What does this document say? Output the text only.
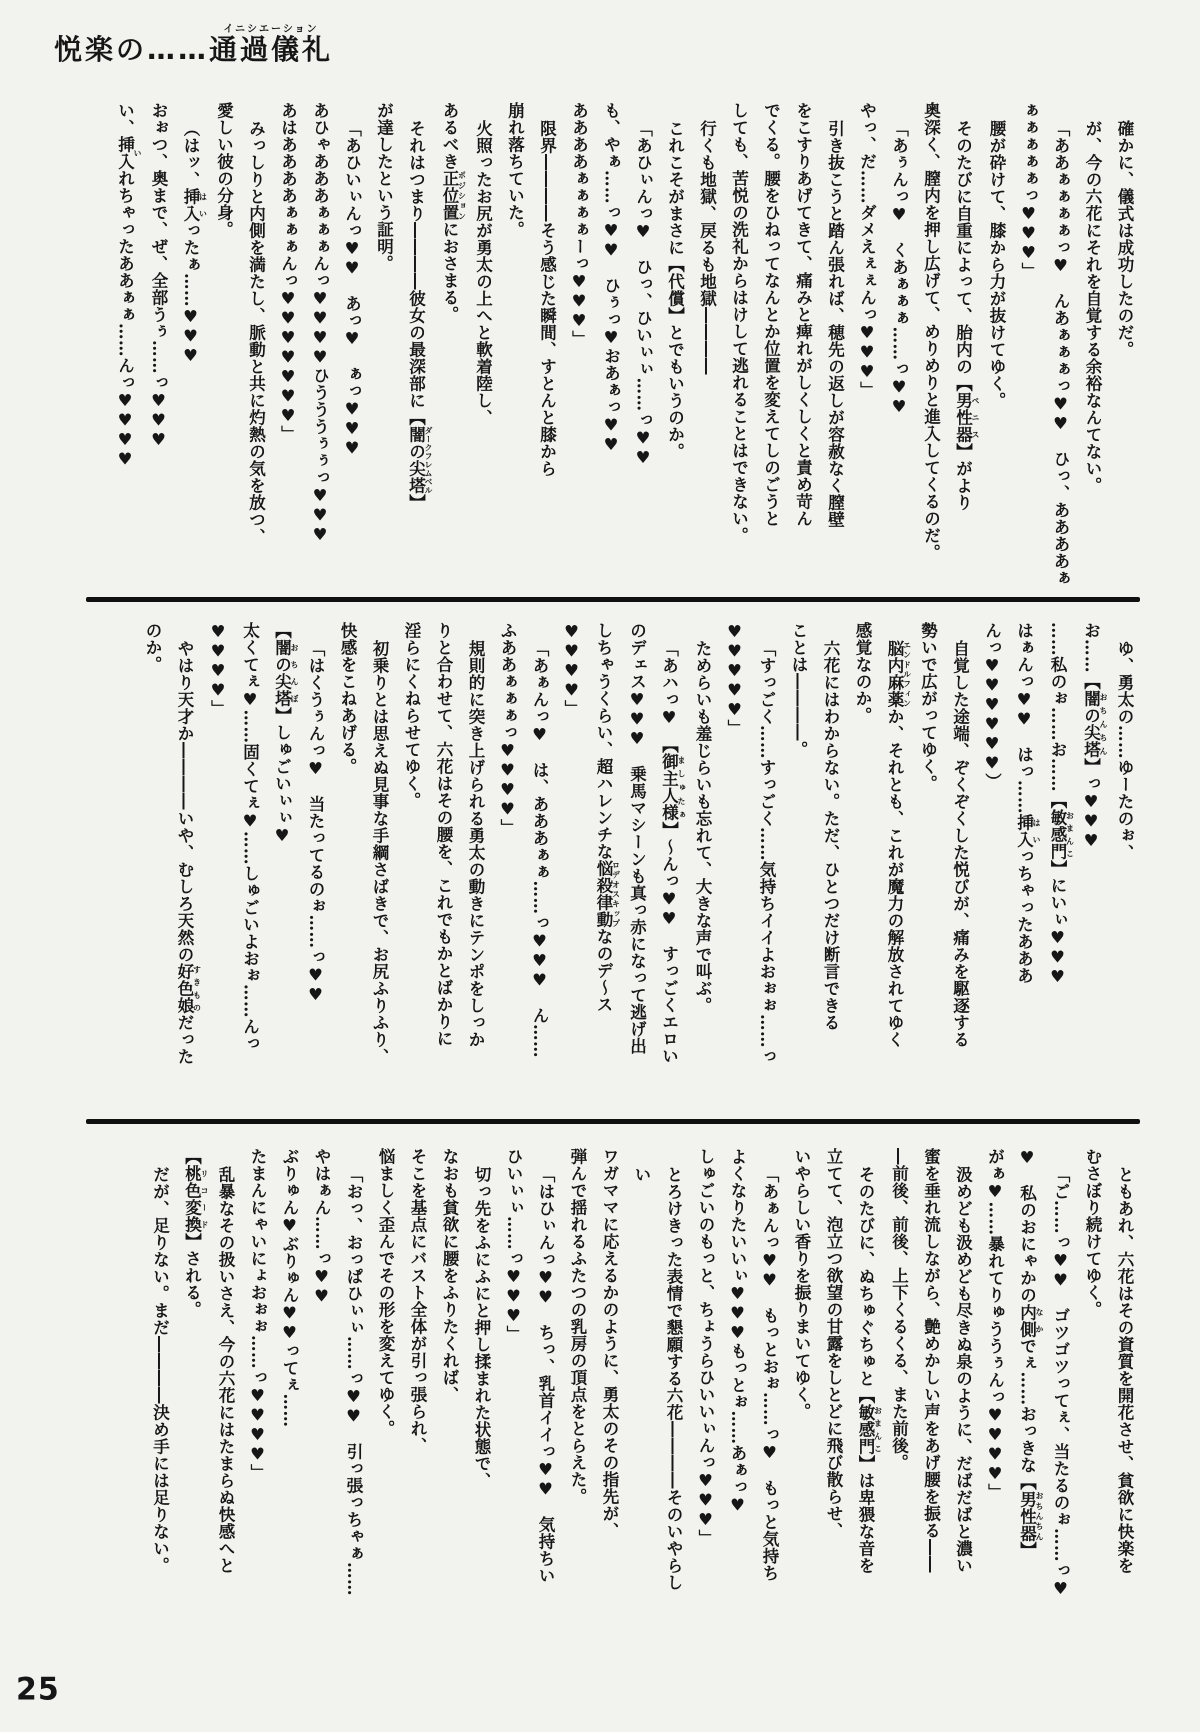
悦楽の……通過儀礼イニシエーション
確かに、儀式は成功したのだ。
が、今の六花にそれを自覚する余裕なんてない。
「ああぁぁぁぁっ♥　んあぁぁぁっ♥♥　ひっ、ああああぁ
ぁぁぁぁぁっ♥♥♥」
腰が砕けて、膝から力が抜けてゆく。
そのたびに自重によって、胎内の【男性器ペニス】がより
奥深く、膣内を押し広げて、めりめりと進入してくるのだ。
「あぅんっ♥　くあぁぁぁ……っ♥♥
やっ、だ……ダメえぇぇんっ♥♥♥」
引き抜こうと踏ん張れば、穂先の返しが容赦なく膣壁
をこすりあげてきて、痛みと痺れがしくしくと責め苛ん
でくる。腰をひねってなんとか位置を変えてしのごうと
しても、苦悦の洗礼からはけして逃れることはできない。
行くも地獄、戻るも地獄――――
これこそがまさに【代償】とでもいうのか。
「あひぃんっ♥　ひっ、ひいぃぃ……っ♥♥
も、やぁ……っ♥♥　ひぅっ♥おあぁっ♥♥
ああああぁぁぁぁーっ♥♥♥」
限界――――そう感じた瞬間、すとんと膝から
崩れ落ちていた。
火照ったお尻が勇太の上へと軟着陸し、
あるべき正位置ポジションにおさまる。
それはつまり――――彼女の最深部に【闇の尖塔ダークフレムベル】
が達したという証明。
「あひいぃんっ♥♥　あっ♥　ぁっ♥♥♥
あひゃあああぁぁぁんっ♥♥♥♥ひうううぅぅっ♥♥♥
あはああああぁぁぁんっ♥♥♥♥♥♥♥」
みっしりと内側を満たし、脈動と共に灼熱の気を放つ、
愛しい彼の分身。
（はッ、挿入はいったぁ……♥♥♥
おぉつ、奥まで、ぜ、全部うぅ……っ♥♥♥
い、挿入いれちゃったああぁぁ……んっ♥♥♥♥
ゆ、勇太の……ゆーたのぉ、
お……【闇の尖塔おちんちん】っ♥♥♥
……私のぉ……お……【敏感門おまんこ】にいぃ♥♥♥
はぁんっ♥♥　はっ……挿入はいっちゃったあああ
んっ♥♥♥♥♥♥）
自覚した途端、ぞくぞくした悦びが、痛みを駆逐する
勢いで広がってゆく。
脳内麻薬エンドルフィンか、それとも、これが魔力の解放されてゆく
感覚なのか。
六花にはわからない。ただ、ひとつだけ断言できる
ことは――――。
「すっごく……すっごく……気持ちイイよおぉぉ……っ
♥♥♥♥♥」
ためらいも羞じらいも忘れて、大きな声で叫ぶ。
「あハっ♥　【御主人様ましゅたぁ】〜んっ♥♥　すっごくエロい
のデェス♥♥♥　乗馬マシーンも真っ赤になって逃げ出
しちゃうくらい、超ハレンチな悩殺律動ロデオスキップなのデ〜ス
♥♥♥♥」
「あぁんっ♥　は、あああぁぁ……っ♥♥♥　ん……
ふああぁぁぁっ♥♥♥♥」
規則的に突き上げられる勇太の動きにテンポをしっか
りと合わせて、六花はその腰を、これでもかとばかりに
淫らにくねらせてゆく。
初乗りとは思えぬ見事な手綱さばきで、お尻ふりふり、
快感をこねあげる。
「はくうぅんっ♥　当たってるのぉ……っ♥♥
【闇の尖塔おちんぼ】しゅごいぃぃ♥
太くてぇ♥……固くてぇ♥……しゅごいよおぉ……んっ
♥♥♥♥」
やはり天才か――――いや、むしろ天然の好色娘すきものだった
のか。
ともあれ、六花はその資質を開花させ、貧欲に快楽を
むさぼり続けてゆく。
「ご……っ♥♥　ゴツゴツってぇ、当たるのぉ……っ♥
♥　私のおにゃかの内側なかでぇ……おっきな【男性器おちんちん】
がぁ♥……暴れてりゅううぅんっ♥♥♥♥」
汲めども汲めども尽きぬ泉のように、だばだばと濃い
蜜を垂れ流しながら、艶めかしい声をあげ腰を振る――
―前後、前後、上下くるくる、また前後。
そのたびに、ぬちゅぐちゅと【敏感門おまんこ】は卑猥な音を
立てて、泡立つ欲望の甘露をしとどに飛び散らせ、
いやらしい香りを振りまいてゆく。
「あぁんっ♥♥　もっとおぉ……っ♥　もっと気持ち
よくなりたいいぃ♥♥♥もっとぉ……あぁっ♥
しゅごいのもっと、ちょうらひいいぃんっ♥♥♥」
とろけきった表情で懇願する六花――――そのいやらしい
ワガママに応えるかのように、勇太のその指先が、
弾んで揺れるふたつの乳房の頂点をとらえた。
「はひぃんっ♥♥　ちっ、乳首イイっ♥♥　気持ちい
ひいぃぃ……っ♥♥♥」
切っ先をふにふにと押し揉まれた状態で、
なおも貧欲に腰をふりたくれば、
そこを基点にバスト全体が引っ張られ、
悩ましく歪んでその形を変えてゆく。
「おっ、おっぱひぃぃ……っ♥♥　引っ張っちゃぁ……
やはぁん……っ♥♥
ぶりゅん♥ぶりゅん♥♥ってぇ……
たまんにゃいにょおぉぉ……っ♥♥♥♥」
乱暴なその扱いさえ、今の六花にはたまらぬ快感へと
【桃色変換リコード】される。
だが、足りない。まだ――――決め手には足りない。
25
